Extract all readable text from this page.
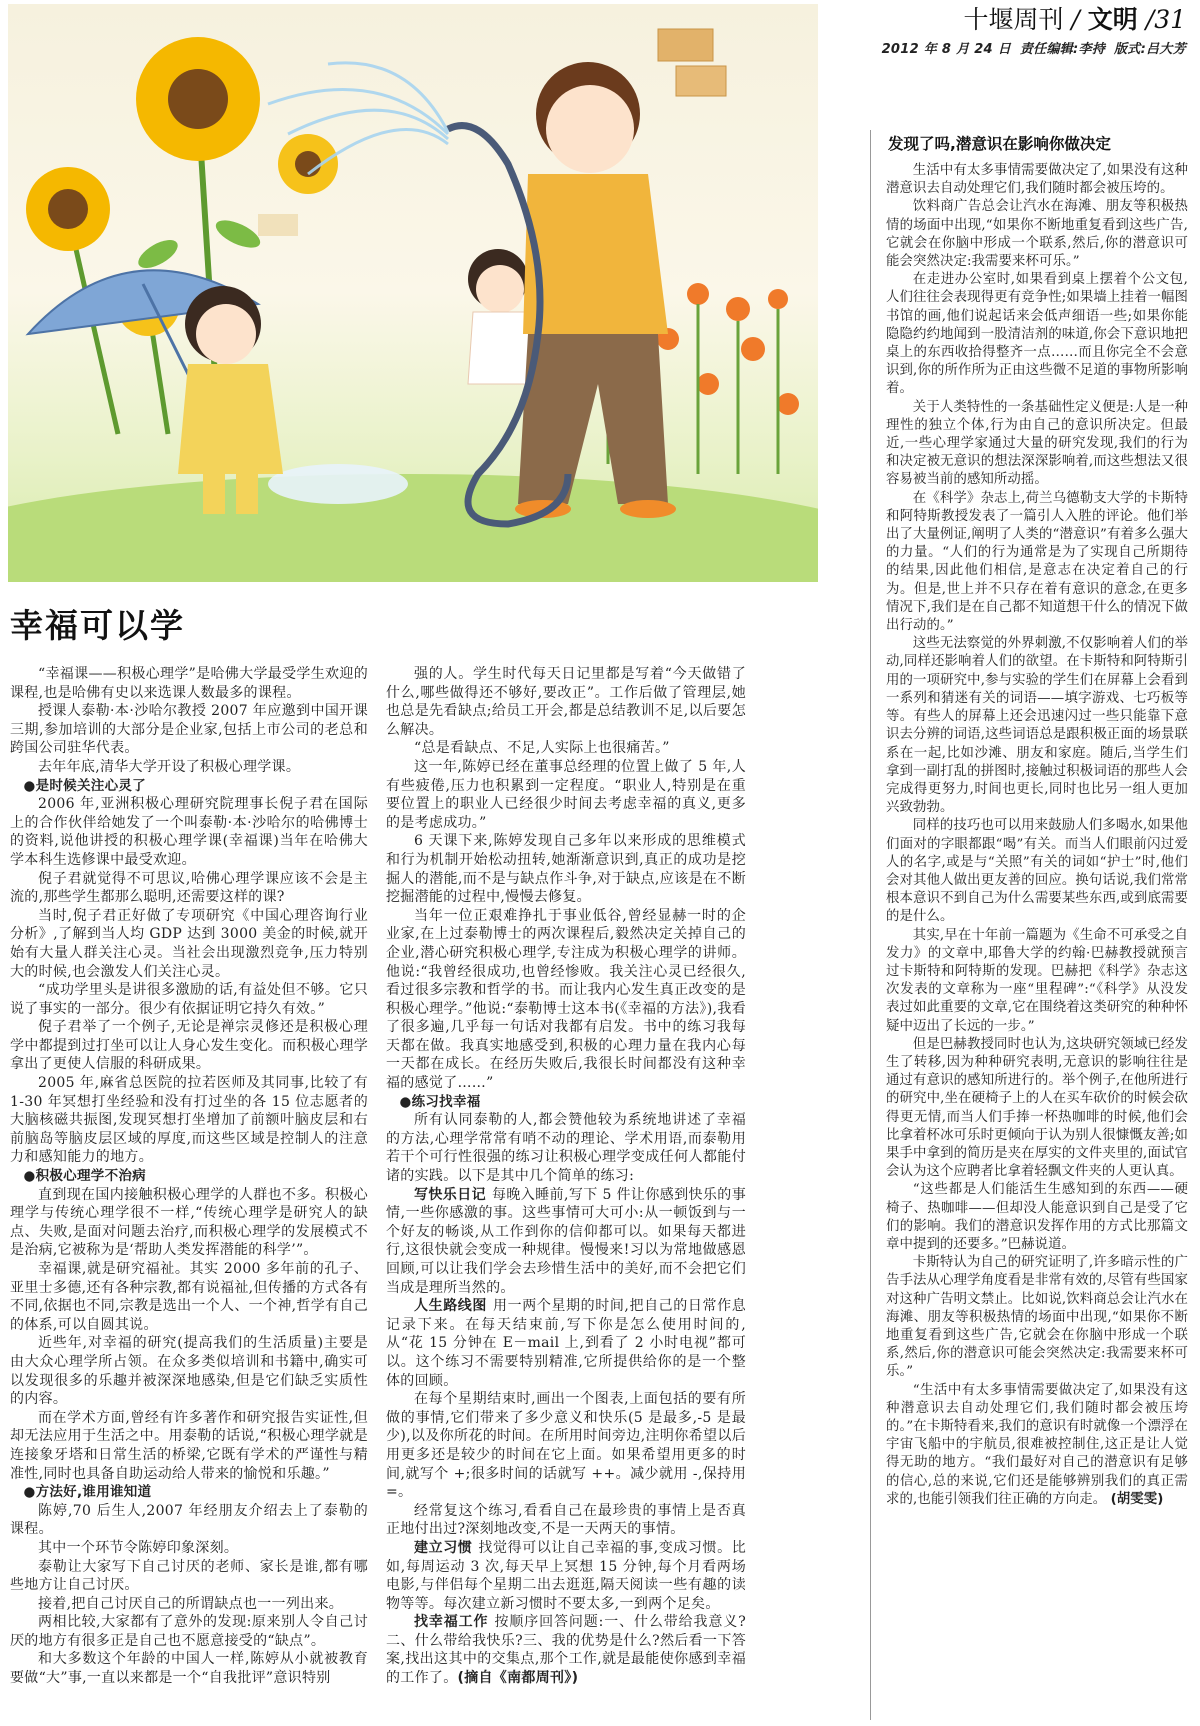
十堰周刊 / 文明 /31
2012 年 8 月 24 日 责任编辑:李持 版式:吕大芳
幸福可以学

“幸福课——积极心理学”是哈佛大学最受学生欢迎的课程,也是哈佛有史以来选课人数最多的课程。

授课人泰勒·本·沙哈尔教授 2007 年应邀到中国开课三期,参加培训的大部分是企业家,包括上市公司的老总和跨国公司驻华代表。

去年年底,清华大学开设了积极心理学课。

●是时候关注心灵了

2006 年,亚洲积极心理研究院理事长倪子君在国际上的合作伙伴给她发了一个叫泰勒·本·沙哈尔的哈佛博士的资料,说他讲授的积极心理学课(幸福课)当年在哈佛大学本科生选修课中最受欢迎。

倪子君就觉得不可思议,哈佛心理学课应该不会是主流的,那些学生都那么聪明,还需要这样的课?

当时,倪子君正好做了专项研究《中国心理咨询行业分析》,了解到当人均 GDP 达到 3000 美金的时候,就开始有大量人群关注心灵。当社会出现激烈竞争,压力特别大的时候,也会激发人们关注心灵。

“成功学里头是讲很多激励的话,有益处但不够。它只说了事实的一部分。很少有依据证明它持久有效。”

倪子君举了一个例子,无论是禅宗灵修还是积极心理学中都提到过打坐可以让人身心发生变化。而积极心理学拿出了更使人信服的科研成果。

2005 年,麻省总医院的拉若医师及其同事,比较了有 1-30 年冥想打坐经验和没有打过坐的各 15 位志愿者的大脑核磁共振图,发现冥想打坐增加了前额叶脑皮层和右前脑岛等脑皮层区域的厚度,而这些区域是控制人的注意力和感知能力的地方。

●积极心理学不治病

直到现在国内接触积极心理学的人群也不多。积极心理学与传统心理学很不一样,“传统心理学是研究人的缺点、失败,是面对问题去治疗,而积极心理学的发展模式不是治病,它被称为是‘帮助人类发挥潜能的科学’”。

幸福课,就是研究福祉。其实 2000 多年前的孔子、亚里士多德,还有各种宗教,都有说福祉,但传播的方式各有不同,依据也不同,宗教是选出一个人、一个神,哲学有自己的体系,可以自圆其说。

近些年,对幸福的研究(提高我们的生活质量)主要是由大众心理学所占领。在众多类似培训和书籍中,确实可以发现很多的乐趣并被深深地感染,但是它们缺乏实质性的内容。

而在学术方面,曾经有许多著作和研究报告实证性,但却无法应用于生活之中。用泰勒的话说,“积极心理学就是连接象牙塔和日常生活的桥梁,它既有学术的严谨性与精准性,同时也具备自助运动给人带来的愉悦和乐趣。”

●方法好,谁用谁知道

陈婷,70 后生人,2007 年经朋友介绍去上了泰勒的课程。

其中一个环节令陈婷印象深刻。

泰勒让大家写下自己讨厌的老师、家长是谁,都有哪些地方让自己讨厌。

接着,把自己讨厌自己的所谓缺点也一一列出来。

两相比较,大家都有了意外的发现:原来别人令自己讨厌的地方有很多正是自己也不愿意接受的“缺点”。

和大多数这个年龄的中国人一样,陈婷从小就被教育要做“大”事,一直以来都是一个“自我批评”意识特别

强的人。学生时代每天日记里都是写着“今天做错了什么,哪些做得还不够好,要改正”。工作后做了管理层,她也总是先看缺点;给员工开会,都是总结教训不足,以后要怎么解决。

“总是看缺点、不足,人实际上也很痛苦。”

这一年,陈婷已经在董事总经理的位置上做了 5 年,人有些疲倦,压力也积累到一定程度。“职业人,特别是在重要位置上的职业人已经很少时间去考虑幸福的真义,更多的是考虑成功。”

6 天课下来,陈婷发现自己多年以来形成的思维模式和行为机制开始松动扭转,她渐渐意识到,真正的成功是挖掘人的潜能,而不是与缺点作斗争,对于缺点,应该是在不断挖掘潜能的过程中,慢慢去修复。

当年一位正艰难挣扎于事业低谷,曾经显赫一时的企业家,在上过泰勒博士的两次课程后,毅然决定关掉自己的企业,潜心研究积极心理学,专注成为积极心理学的讲师。他说:“我曾经很成功,也曾经惨败。我关注心灵已经很久,看过很多宗教和哲学的书。而让我内心发生真正改变的是积极心理学。”他说:“泰勒博士这本书(《幸福的方法》),我看了很多遍,几乎每一句话对我都有启发。书中的练习我每天都在做。我真实地感受到,积极的心理力量在我内心每一天都在成长。在经历失败后,我很长时间都没有这种幸福的感觉了……”

●练习找幸福

所有认同泰勒的人,都会赞他较为系统地讲述了幸福的方法,心理学常常有哨不动的理论、学术用语,而泰勒用若干个可行性很强的练习让积极心理学变成任何人都能付诸的实践。以下是其中几个简单的练习:

写快乐日记 每晚入睡前,写下 5 件让你感到快乐的事情,一些你感激的事。这些事情可大可小:从一顿饭到与一个好友的畅谈,从工作到你的信仰都可以。如果每天都进行,这很快就会变成一种规律。慢慢来!习以为常地做感恩回顾,可以让我们学会去珍惜生活中的美好,而不会把它们当成是理所当然的。

人生路线图 用一两个星期的时间,把自己的日常作息记录下来。在每天结束前,写下你是怎么使用时间的,从“花 15 分钟在 E－mail 上,到看了 2 小时电视”都可以。这个练习不需要特别精准,它所提供给你的是一个整体的回顾。

在每个星期结束时,画出一个图表,上面包括的要有所做的事情,它们带来了多少意义和快乐(5 是最多,-5 是最少),以及你所花的时间。在所用时间旁边,注明你希望以后用更多还是较少的时间在它上面。如果希望用更多的时间,就写个 +;很多时间的话就写 ++。减少就用 -,保持用 =。

经常复这个练习,看看自己在最珍贵的事情上是否真正地付出过?深刻地改变,不是一天两天的事情。

建立习惯 找觉得可以让自己幸福的事,变成习惯。比如,每周运动 3 次,每天早上冥想 15 分钟,每个月看两场电影,与伴侣每个星期二出去逛逛,隔天阅读一些有趣的读物等等。每次建立新习惯时不要太多,一到两个足矣。

找幸福工作 按顺序回答问题:一、什么带给我意义?二、什么带给我快乐?三、我的优势是什么?然后看一下答案,找出这其中的交集点,那个工作,就是最能使你感到幸福的工作了。(摘自《南都周刊》)

发现了吗,潜意识在影响你做决定

生活中有太多事情需要做决定了,如果没有这种潜意识去自动处理它们,我们随时都会被压垮的。

饮料商广告总会让汽水在海滩、朋友等积极热情的场面中出现,“如果你不断地重复看到这些广告,它就会在你脑中形成一个联系,然后,你的潜意识可能会突然决定:我需要来杯可乐。”

在走进办公室时,如果看到桌上摆着个公文包,人们往往会表现得更有竞争性;如果墙上挂着一幅图书馆的画,他们说起话来会低声细语一些;如果你能隐隐约约地闻到一股清洁剂的味道,你会下意识地把桌上的东西收拾得整齐一点……而且你完全不会意识到,你的所作所为正由这些微不足道的事物所影响着。

关于人类特性的一条基础性定义便是:人是一种理性的独立个体,行为由自己的意识所决定。但最近,一些心理学家通过大量的研究发现,我们的行为和决定被无意识的想法深深影响着,而这些想法又很容易被当前的感知所动摇。

在《科学》杂志上,荷兰乌德勒支大学的卡斯特和阿特斯教授发表了一篇引人入胜的评论。他们举出了大量例证,阐明了人类的“潜意识”有着多么强大的力量。“人们的行为通常是为了实现自己所期待的结果,因此他们相信,是意志在决定着自己的行为。但是,世上并不只存在着有意识的意念,在更多情况下,我们是在自己都不知道想干什么的情况下做出行动的。”

这些无法察觉的外界刺激,不仅影响着人们的举动,同样还影响着人们的欲望。在卡斯特和阿特斯引用的一项研究中,参与实验的学生们在屏幕上会看到一系列和猜迷有关的词语——填字游戏、七巧板等等。有些人的屏幕上还会迅速闪过一些只能靠下意识去分辨的词语,这些词语总是跟积极正面的场景联系在一起,比如沙滩、朋友和家庭。随后,当学生们拿到一副打乱的拼图时,接触过积极词语的那些人会完成得更努力,时间也更长,同时也比另一组人更加兴致勃勃。

同样的技巧也可以用来鼓励人们多喝水,如果他们面对的字眼都跟“喝”有关。而当人们眼前闪过爱人的名字,或是与“关照”有关的词如“护士”时,他们会对其他人做出更友善的回应。换句话说,我们常常根本意识不到自己为什么需要某些东西,或到底需要的是什么。

其实,早在十年前一篇题为《生命不可承受之自发力》的文章中,耶鲁大学的约翰·巴赫教授就预言过卡斯特和阿特斯的发现。巴赫把《科学》杂志这次发表的文章称为一座“里程碑”:“《科学》从没发表过如此重要的文章,它在围绕着这类研究的种种怀疑中迈出了长远的一步。”

但是巴赫教授同时也认为,这块研究领域已经发生了转移,因为种种研究表明,无意识的影响往往是通过有意识的感知所进行的。举个例子,在他所进行的研究中,坐在硬椅子上的人在买车砍价的时候会砍得更无情,而当人们手捧一杯热咖啡的时候,他们会比拿着杯冰可乐时更倾向于认为别人很慷慨友善;如果手中拿到的简历是夹在厚实的文件夹里的,面试官会认为这个应聘者比拿着轻飘文件夹的人更认真。

“这些都是人们能活生生感知到的东西——硬椅子、热咖啡——但却没人能意识到自己是受了它们的影响。我们的潜意识发挥作用的方式比那篇文章中提到的还要多。”巴赫说道。

卡斯特认为自己的研究证明了,许多暗示性的广告手法从心理学角度看是非常有效的,尽管有些国家对这种广告明文禁止。比如说,饮料商总会让汽水在海滩、朋友等积极热情的场面中出现,“如果你不断地重复看到这些广告,它就会在你脑中形成一个联系,然后,你的潜意识可能会突然决定:我需要来杯可乐。”

“生活中有太多事情需要做决定了,如果没有这种潜意识去自动处理它们,我们随时都会被压垮的。”在卡斯特看来,我们的意识有时就像一个漂浮在宇宙飞船中的宇航员,很难被控制住,这正是让人觉得无助的地方。“我们最好对自己的潜意识有足够的信心,总的来说,它们还是能够辨别我们的真正需求的,也能引领我们往正确的方向走。 (胡雯雯)
